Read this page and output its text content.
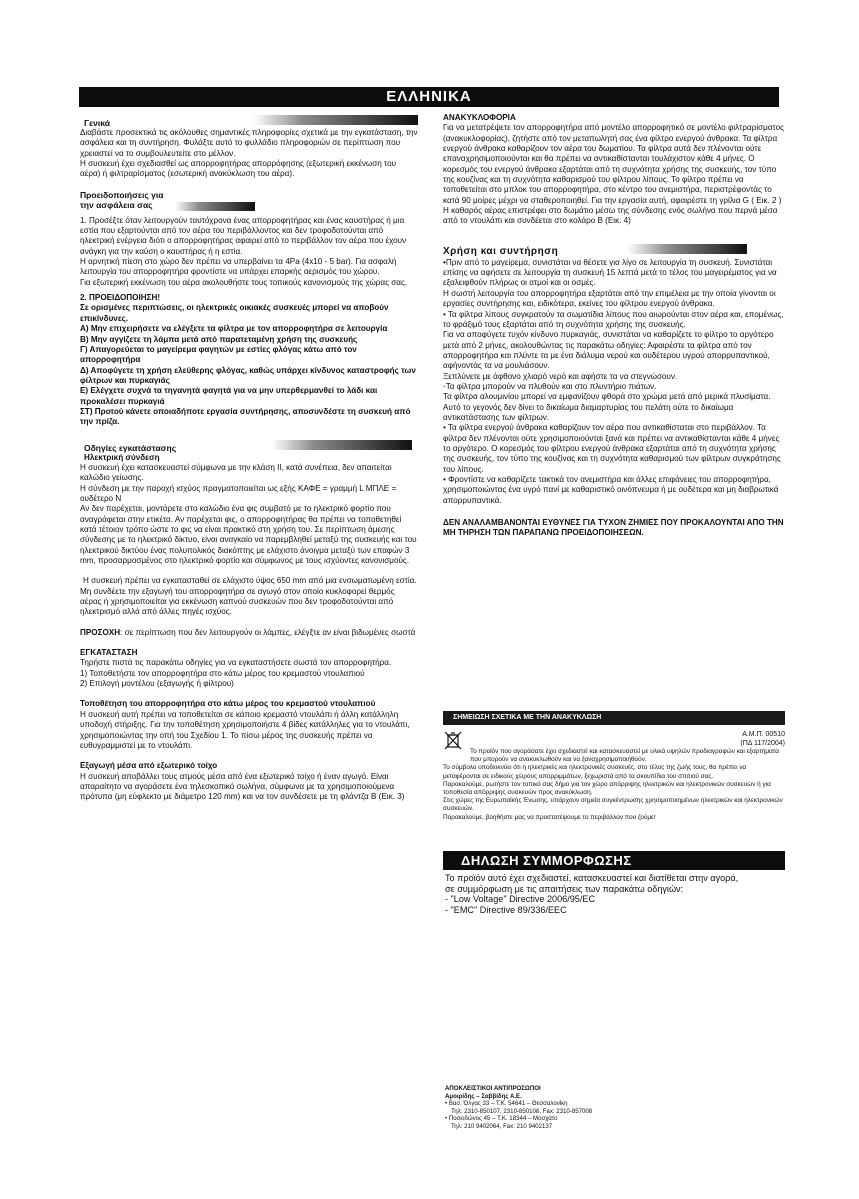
ΕΛΛΗΝΙΚΑ
Γενικά

Διαβάστε προσεκτικά τις ακόλουθες σημαντικές πληροφορίες σχετικά με την εγκατάσταση, την ασφάλεια και τη συντήρηση. Φυλάξτε αυτό το φυλλάδιο πληροφοριών σε περίπτωση που χρειαστεί να το συμβουλευτείτε στο μέλλον.

Η συσκευή έχει σχεδιασθεί ως απορροφητήρας απορρόφησης (εξωτερική εκκένωση του αέρα) ή φιλτραρίσματος (εσωτερική ανακύκλωση του αέρα).

Προειδοποιήσεις για
την ασφάλεια σας

1. Προσέξτε όταν λειτουργούν ταυτόχρονα ένας απορροφητήρας και ένας καυστήρας ή μια εστία που εξαρτούνται από τον αέρα του περιβάλλοντος και δεν τροφοδοτούνται από ηλεκτρική ενέργεια διότι ο απορροφητήρας αφαιρεί από το περιβάλλον τον αέρα που έχουν ανάγκη για την καύση ο καυστήρας ή η εστία.

Η αρνητική πίεση στο χώρο δεν πρέπει να υπερβαίνει τα 4Pa (4x10 - 5 bar). Για ασφαλή λειτουργία του απορροφητήρα φροντίστε να υπάρχει επαρκής αερισμός του χώρου.

Για εξωτερική εκκένωση του αέρα ακολουθήστε τους τοπικούς κανονισμούς της χώρας σας.

2. ΠΡΟΕΙΔΟΠΟΙΗΣΗ!

Σε ορισμένες περιπτώσεις, οι ηλεκτρικές οικιακές συσκευές μπορεί να αποβούν επικίνδυνες.

Α) Μην επιχειρήσετε να ελέγξετε τα φίλτρα με τον απορροφητήρα σε λειτουργία

Β) Μην αγγίζετε τη λάμπα μετά από παρατεταμένη χρήση της συσκευής

Γ) Απαγορεύεται το μαγείρεμα φαγητών με εστίες φλόγας κάτω από τον απορροφητήρα

Δ) Αποφύγετε τη χρήση ελεύθερης φλόγας, καθώς υπάρχει κίνδυνος καταστροφής των φίλτρων και πυρκαγιάς

Ε) Ελέγχετε συχνά τα τηγανητά φαγητά για να μην υπερθερμανθεί το λάδι και προκαλέσει πυρκαγιά

ΣΤ) Προτού κάνετε οποιαδήποτε εργασία συντήρησης, αποσυνδέστε τη συσκευή από την πρίζα.

Οδηγίες εγκατάστασης

Ηλεκτρική σύνδεση

Η συσκευή έχει κατασκευαστεί σύμφωνα με την κλάση II, κατά συνέπεια, δεν απαιτείται καλώδιο γείωσης.

Η σύνδεση με την παροχή ισχύος πραγματοποιείται ως εξής ΚΑΦΕ = γραμμή L ΜΠΛΕ = ουδέτερο N

Αν δεν παρέχεται, μοντάρετε στο καλώδιο ένα φις συμβατό με το ηλεκτρικό φορτίο που αναγράφεται στην ετικέτα. Αν παρέχεται φις, ο απορροφητήρας θα πρέπει να τοποθετηθεί κατά τέτοιον τρόπο ώστε το φις να είναι πρακτικό στη χρήση του. Σε περίπτωση άμεσης σύνδεσης με το ηλεκτρικό δίκτυο, είναι αναγκαίο να παρεμβληθεί μεταξύ της συσκευής και του ηλεκτρικού δικτύου ένας πολυπολικός διακόπτης με ελάχιστο άνοιγμα μεταξύ των επαφών 3 mm, προσαρμοσμένος στο ηλεκτρικό φορτίο και σύμφωνος με τους ισχύοντες κανονισμούς.

Η συσκευή πρέπει να εγκατασταθεί σε ελάχιστο ύψος 650 mm από μια ενσωματωμένη εστία.

Μη συνδέετε την εξαγωγή του απορροφητήρα σε αγωγό στον οποίο κυκλοφορεί θερμός αέρας ή χρησιμοποιείται για εκκένωση καπνού συσκευών που δεν τροφοδοτούνται από ηλεκτρισμό αλλά από άλλες πηγές ισχύος.

ΠΡΟΣΟΧΗ: σε περίπτωση που δεν λειτουργούν οι λάμπες, ελέγξτε αν είναι βιδωμένες σωστά

ΕΓΚΑΤΑΣΤΑΣΗ

Τηρήστε πιστά τις παρακάτω οδηγίες για να εγκαταστήσετε σωστά τον απορροφητήρα.

1) Τοποθετήστε τον απορροφητήρα στο κάτω μέρος του κρεμαστού ντουλαπιού

2) Επιλογή μοντέλου (εξαγωγής ή φίλτρου)

Τοποθέτηση του απορροφητήρα στο κάτω μέρος του κρεμαστού ντουλαπιού

Η συσκευή αυτή πρέπει να τοποθετείται σε κάποιο κρεμαστό ντουλάπι ή άλλη κατάλληλη υποδοχή στήριξης. Για την τοποθέτηση χρησιμοποιήστε 4 βίδες κατάλληλες για το ντουλάπι, χρησιμοποιώντας την οπή του Σχεδίου 1. Το πίσω μέρος της συσκευής πρέπει να ευθυγραμμιστεί με το ντουλάπι.

Εξαγωγή μέσα από εξωτερικό τοίχο

Η συσκευή αποβάλλει τους ατμούς μέσα από ένα εξωτερικό τοίχο ή έναν αγωγό. Είναι απαραίτητο να αγοράσετε ένα τηλεσκοπικό σωλήνα, σύμφωνα με τα χρησιμοποιούμενα πρότυπα (μη εύφλεκτο με διάμετρο 120 mm) και να τον συνδέσετε με τη φλάντζα B (Εικ. 3)

ΑΝΑΚΥΚΛΟΦΟΡΙΑ

Για να μετατρέψετε τον απορροφητήρα από μοντέλο απορροφητικό σε μοντέλο φιλτραρίσματος (ανακυκλοφορίας), ζητήστε από τον μεταπωλητή σας ένα φίλτρο ενεργού άνθρακα. Τα φίλτρα ενεργού άνθρακα καθαρίζουν τον αέρα του δωματίου. Τα φίλτρα αυτά δεν πλένονται ούτε επαναχρησιμοποιούνται και θα πρέπει να αντικαθίστανται τουλάχιστον κάθε 4 μήνες. Ο κορεσμός του ενεργού άνθρακα εξαρτάται από τη συχνότητα χρήσης της συσκευής, τον τύπο της κουζίνας και τη συχνότητα καθαρισμού του φίλτρου λίπους. Το φίλτρο πρέπει να τοποθετείται στο μπλοκ του απορροφητήρα, στο κέντρο του ανεμιστήρα, περιστρέφοντάς το κατά 90 μοίρες μέχρι να σταθεροποιηθεί. Για την εργασία αυτή, αφαιρέστε τη γρίλια G ( Εικ. 2 ) Η καθαρός αέρας επιστρέφει στο δωμάτιο μέσω της σύνδεσης ενός σωλήνα που περνά μέσα από το ντουλάπι και συνδέεται στο κολάρο B (Εικ. 4)

Χρήση και συντήρηση

•Πριν από το μαγείρεμα, συνιστάται να θέσετε για λίγο σε λειτουργία τη συσκευή. Συνιστάται επίσης να αφήσετε σε λειτουργία τη συσκευή 15 λεπτά μετά το τέλος του μαγειρέματος για να εξαλειφθούν πλήρως οι ατμοί και οι οσμές.

Η σωστή λειτουργία του απορροφητήρα εξαρτάται από την επιμέλεια με την οποία γίνονται οι εργασίες συντήρησης και, ειδικότερα, εκείνες του φίλτρου ενεργού άνθρακα.

• Τα φίλτρα λίπους συγκρατούν τα σωματίδια λίπους που αιωρούνται στον αέρα και, επομένως, το φράξιμό τους εξαρτάται από τη συχνότητα χρήσης της συσκευής.

Για να αποφύγετε τυχόν κίνδυνο πυρκαγιάς, συνιστάται να καθαρίζετε το φίλτρο το αργότερο μετά από 2 μήνες, ακολουθώντας τις παρακάτω οδηγίες: Αφαιρέστε τα φίλτρα από τον απορροφητήρα και πλύντε τα με ένα διάλυμα νερού και ουδέτερου υγρού απορρυπαντικού, αφήνοντάς τα να μουλιάσουν.

Ξεπλύνετε με άφθονο χλιαρό νερό και αφήστε τα να στεγνώσουν.

-Τα φίλτρα μπορούν να πλυθούν και στο πλυντήριο πιάτων.

Τα φίλτρα αλουμινίου μπορεί να εμφανίζουν φθορά στο χρώμα μετά από μερικά πλυσίματα. Αυτό το γεγονός δεν δίνει το δικαίωμα διαμαρτυρίας του πελάτη ούτε το δικαίωμα αντικατάστασης των φίλτρων.

• Τα φίλτρα ενεργού άνθρακα καθαρίζουν τον αέρα που αντικαθίσταται στο περιβάλλον. Τα φίλτρα δεν πλένονται ούτε χρησιμοποιούνται ξανά και πρέπει να αντικαθίστανται κάθε 4 μήνες το αργότερο. Ο κορεσμός του φίλτρου ενεργού άνθρακα εξαρτάται από τη συχνότητα χρήσης της συσκευής, τον τύπο της κουζίνας και τη συχνότητα καθαρισμού των φίλτρων συγκράτησης του λίπους.

• Φροντίστε να καθαρίζετε τακτικά τον ανεμιστήρα και άλλες επιφάνειες του απορροφητήρα, χρησιμοποιώντας ένα υγρό πανί με καθαριστικό οινόπνευμα ή με ουδέτερα και μη διαβρωτικά απορρυπαντικά.

ΔΕΝ ΑΝΑΛΑΜΒΑΝΟΝΤΑΙ ΕΥΘΥΝΕΣ ΓΙΑ ΤΥΧΟΝ ΖΗΜΙΕΣ ΠΟΥ ΠΡΟΚΑΛΟΥΝΤΑΙ ΑΠΟ ΤΗΝ ΜΗ ΤΗΡΗΣΗ ΤΩΝ ΠΑΡΑΠΑΝΩ ΠΡΟΕΙΔΟΠΟΙΗΣΕΩΝ.

ΣΗΜΕΙΩΣΗ ΣΧΕΤΙΚΑ ΜΕ ΤΗΝ ΑΝΑΚΥΚΛΩΣΗ
Α.Μ.Π. 00510
(ΠΔ 117/2004)

Το προϊόν που αγοράσατε έχει σχεδιαστεί και κατασκευαστεί με υλικά υψηλών προδιαγραφών και εξαρτήματα που μπορούν να ανακυκλωθούν και να ξαναχρησιμοποιηθούν.

Το σύμβολο υποδεικνύει ότι η ηλεκτρικές και ηλεκτρονικές συσκευές, στο τέλος της ζωής τους, θα πρέπει να μεταφέρονται σε ειδικούς χώρους απορριμμάτων, ξεχωριστά από τα σκουπίδια του σπιτιού σας.

Παρακαλούμε, ρωτήστε τον τοπικό σας δήμο για τον χώρο απόρριψης ηλεκτρικών και ηλεκτρονικών συσκευών ή για τοποθεσία απόρριψης συσκευών προς ανακύκλωση.

Στις χώρες της Ευρωπαϊκής Ένωσης, υπάρχουν σημεία συγκέντρωσης χρησιμοποιημένων ηλεκτρικών και ηλεκτρονικών συσκευών.

Παρακαλούμε, βοηθήστε μας να προστατέψουμε το περιβάλλον που ζούμε!

ΔΗΛΩΣΗ ΣΥΜΜΟΡΦΩΣΗΣ

Το προϊόν αυτό έχει σχεδιαστεί, κατασκευαστεί και διατίθεται στην αγορά,

σε συμμόρφωση με τις απαιτήσεις των παρακάτω οδηγιών:

- "Low Voltage" Directive 2006/95/EC

- "EMC" Directive 89/336/EEC

ΑΠΟΚΛΕΙΣΤΙΚΟΙ ΑΝΤΙΠΡΟΣΩΠΟΙ

Αμοιρίδης – Σαββίδης Α.Ε.

• Βασ. Όλγας 33 – Τ.Κ. 54641 – Θεσσαλονίκη

Τηλ: 2310-850107, 2310-850108, Fax: 2310-857008

• Ποσειδώνος 45 – Τ.Κ. 18344 – Μοσχάτο

Τηλ: 210 9402064, Fax: 210 9402137
